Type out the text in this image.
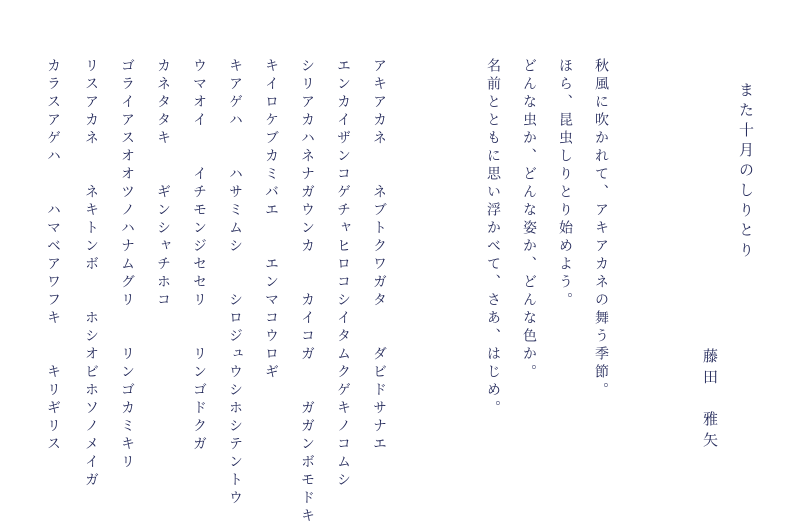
また十月のしりとり
藤田　雅矢
秋風に吹かれて、アキアカネの舞う季節。
ほら、昆虫しりとり始めよう。
どんな虫か、どんな姿か、どんな色か。
名前とともに思い浮かべて、さあ、はじめ。
アキアカネ　　ネブトクワガタ　　ダビドサナエ
エンカイザンコゲチャヒロコシイタムクゲキノコムシ
シリアカハネナガウンカ　　カイコガ　　ガガンボモドキ
キイロケブカミバエ　　エンマコウロギ
キアゲハ　　ハサミムシ　　シロジュウシホシテントウ
ウマオイ　　イチモンジセセリ　　リンゴドクガ
カネタタキ　　ギンシャチホコ
ゴライアスオオツノハナムグリ　　リンゴカミキリ
リスアカネ　　ネキトンボ　　ホシオビホソノメイガ
カラスアゲハ　　ハマベアワフキ　　キリギリス
